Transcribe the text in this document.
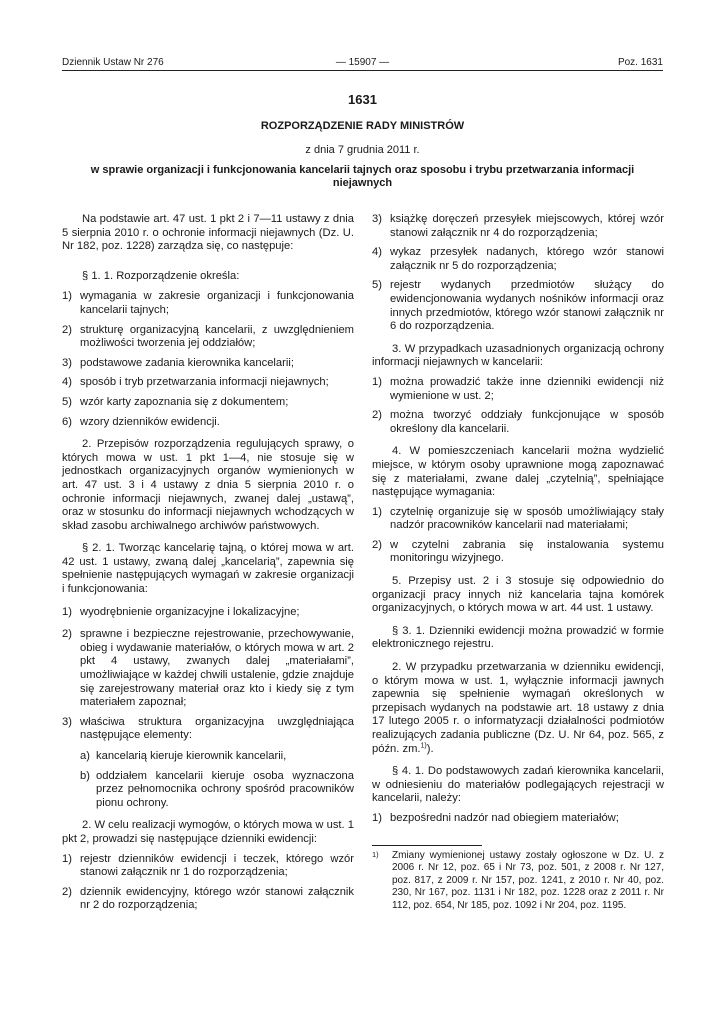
Dziennik Ustaw Nr 276	— 15907 —	Poz. 1631
1631
ROZPORZĄDZENIE RADY MINISTRÓW
z dnia 7 grudnia 2011 r.
w sprawie organizacji i funkcjonowania kancelarii tajnych oraz sposobu i trybu przetwarzania informacji niejawnych

Na podstawie art. 47 ust. 1 pkt 2 i 7—11 ustawy z dnia 5 sierpnia 2010 r. o ochronie informacji niejawnych (Dz. U. Nr 182, poz. 1228) zarządza się, co następuje:

§ 1. 1. Rozporządzenie określa:

1) wymagania w zakresie organizacji i funkcjonowania kancelarii tajnych;
2) strukturę organizacyjną kancelarii, z uwzględnieniem możliwości tworzenia jej oddziałów;
3) podstawowe zadania kierownika kancelarii;
4) sposób i tryb przetwarzania informacji niejawnych;
5) wzór karty zapoznania się z dokumentem;
6) wzory dzienników ewidencji.

2. Przepisów rozporządzenia regulujących sprawy, o których mowa w ust. 1 pkt 1—4, nie stosuje się w jednostkach organizacyjnych organów wymienionych w art. 47 ust. 3 i 4 ustawy z dnia 5 sierpnia 2010 r. o ochronie informacji niejawnych, zwanej dalej „ustawą”, oraz w stosunku do informacji niejawnych wchodzących w skład zasobu archiwalnego archiwów państwowych.

§ 2. 1. Tworząc kancelarię tajną, o której mowa w art. 42 ust. 1 ustawy, zwaną dalej „kancelarią”, zapewnia się spełnienie następujących wymagań w zakresie organizacji i funkcjonowania:

1) wyodrębnienie organizacyjne i lokalizacyjne;
2) sprawne i bezpieczne rejestrowanie, przechowywanie, obieg i wydawanie materiałów, o których mowa w art. 2 pkt 4 ustawy, zwanych dalej „materiałami”, umożliwiające w każdej chwili ustalenie, gdzie znajduje się zarejestrowany materiał oraz kto i kiedy się z tym materiałem zapoznał;
3) właściwa struktura organizacyjna uwzględniająca następujące elementy:
a) kancelarią kieruje kierownik kancelarii,
b) oddziałem kancelarii kieruje osoba wyznaczona przez pełnomocnika ochrony spośród pracowników pionu ochrony.

2. W celu realizacji wymogów, o których mowa w ust. 1 pkt 2, prowadzi się następujące dzienniki ewidencji:

1) rejestr dzienników ewidencji i teczek, którego wzór stanowi załącznik nr 1 do rozporządzenia;
2) dziennik ewidencyjny, którego wzór stanowi załącznik nr 2 do rozporządzenia;
3) książkę doręczeń przesyłek miejscowych, której wzór stanowi załącznik nr 4 do rozporządzenia;
4) wykaz przesyłek nadanych, którego wzór stanowi załącznik nr 5 do rozporządzenia;
5) rejestr wydanych przedmiotów służący do ewidencjonowania wydanych nośników informacji oraz innych przedmiotów, którego wzór stanowi załącznik nr 6 do rozporządzenia.

3. W przypadkach uzasadnionych organizacją ochrony informacji niejawnych w kancelarii:

1) można prowadzić także inne dzienniki ewidencji niż wymienione w ust. 2;
2) można tworzyć oddziały funkcjonujące w sposób określony dla kancelarii.

4. W pomieszczeniach kancelarii można wydzielić miejsce, w którym osoby uprawnione mogą zapoznawać się z materiałami, zwane dalej „czytelnią”, spełniające następujące wymagania:

1) czytelnię organizuje się w sposób umożliwiający stały nadzór pracowników kancelarii nad materiałami;
2) w czytelni zabrania się instalowania systemu monitoringu wizyjnego.

5. Przepisy ust. 2 i 3 stosuje się odpowiednio do organizacji pracy innych niż kancelaria tajna komórek organizacyjnych, o których mowa w art. 44 ust. 1 ustawy.

§ 3. 1. Dzienniki ewidencji można prowadzić w formie elektronicznego rejestru.

2. W przypadku przetwarzania w dzienniku ewidencji, o którym mowa w ust. 1, wyłącznie informacji jawnych zapewnia się spełnienie wymagań określonych w przepisach wydanych na podstawie art. 18 ustawy z dnia 17 lutego 2005 r. o informatyzacji działalności podmiotów realizujących zadania publiczne (Dz. U. Nr 64, poz. 565, z późn. zm.$^{1)}$).

§ 4. 1. Do podstawowych zadań kierownika kancelarii, w odniesieniu do materiałów podlegających rejestracji w kancelarii, należy:

1) bezpośredni nadzór nad obiegiem materiałów;
1)	Zmiany wymienionej ustawy zostały ogłoszone w Dz. U. z 2006 r. Nr 12, poz. 65 i Nr 73, poz. 501, z 2008 r. Nr 127, poz. 817, z 2009 r. Nr 157, poz. 1241, z 2010 r. Nr 40, poz. 230, Nr 167, poz. 1131 i Nr 182, poz. 1228 oraz z 2011 r. Nr 112, poz. 654, Nr 185, poz. 1092 i Nr 204, poz. 1195.
